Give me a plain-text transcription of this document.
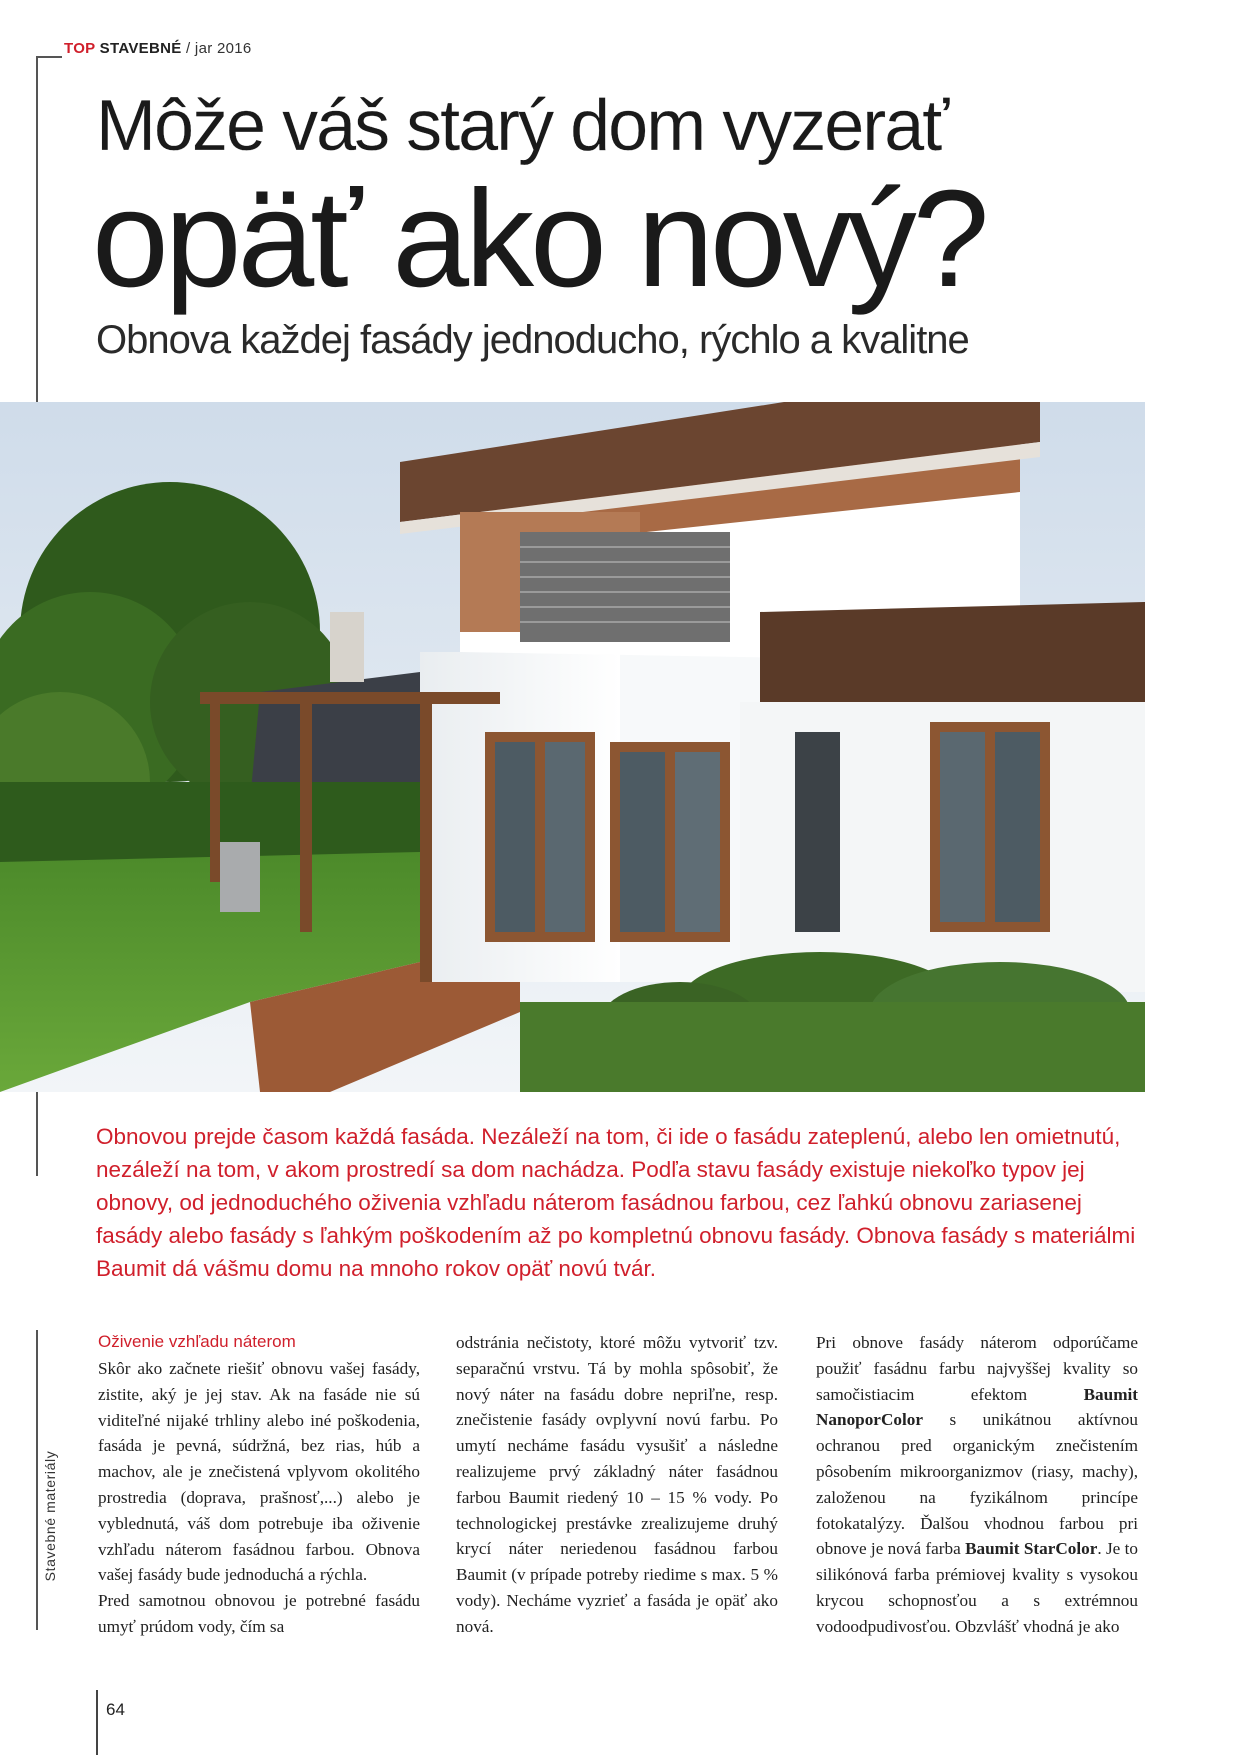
TOP STAVEBNÉ / jar 2016
Môže váš starý dom vyzerať
opäť ako nový?
Obnova každej fasády jednoducho, rýchlo a kvalitne
Obnovou prejde časom každá fasáda. Nezáleží na tom, či ide o fasádu zateplenú, alebo len omietnutú, nezáleží na tom, v akom prostredí sa dom nachádza. Podľa stavu fasády existuje niekoľko typov jej obnovy, od jednoduchého oživenia vzhľadu náterom fasádnou farbou, cez ľahkú obnovu zariasenej fasády alebo fasády s ľahkým poškodením až po kompletnú obnovu fasády. Obnova fasády s materiálmi Baumit dá vášmu domu na mnoho rokov opäť novú tvár.
Stavebné materiály
Oživenie vzhľadu náterom

Skôr ako začnete riešiť obnovu vašej fasády, zistite, aký je jej stav. Ak na fasáde nie sú viditeľné nijaké trhliny alebo iné poškodenia, fasáda je pevná, súdržná, bez rias, húb a machov, ale je znečistená vplyvom okolitého prostredia (doprava, prašnosť,...) alebo je vyblednutá, váš dom potrebuje iba oživenie vzhľadu náterom fasádnou farbou. Obnova vašej fasády bude jednoduchá a rýchla.

Pred samotnou obnovou je potrebné fasádu umyť prúdom vody, čím sa

odstránia nečistoty, ktoré môžu vytvoriť tzv. separačnú vrstvu. Tá by mohla spôsobiť, že nový náter na fasádu dobre nepriľne, resp. znečistenie fasády ovplyvní novú farbu. Po umytí necháme fasádu vysušiť a následne realizujeme prvý základný náter fasádnou farbou Baumit riedený 10 – 15 % vody. Po technologickej prestávke zrealizujeme druhý krycí náter neriedenou fasádnou farbou Baumit (v prípade potreby riedime s max. 5 % vody). Necháme vyzrieť a fasáda je opäť ako nová.

Pri obnove fasády náterom odporúčame použiť fasádnu farbu najvyššej kvality so samočistiacim efektom	Baumit NanoporColor s unikátnou aktívnou ochranou pred organickým znečistením pôsobením mikroorganizmov (riasy, machy), založenou na fyzikálnom princípe fotokatalýzy. Ďalšou vhodnou farbou pri obnove je nová farba Baumit StarColor. Je to silikónová farba prémiovej kvality s vysokou krycou schopnosťou a s extrémnou vodoodpudivosťou. Obzvlášť vhodná je ako

64
